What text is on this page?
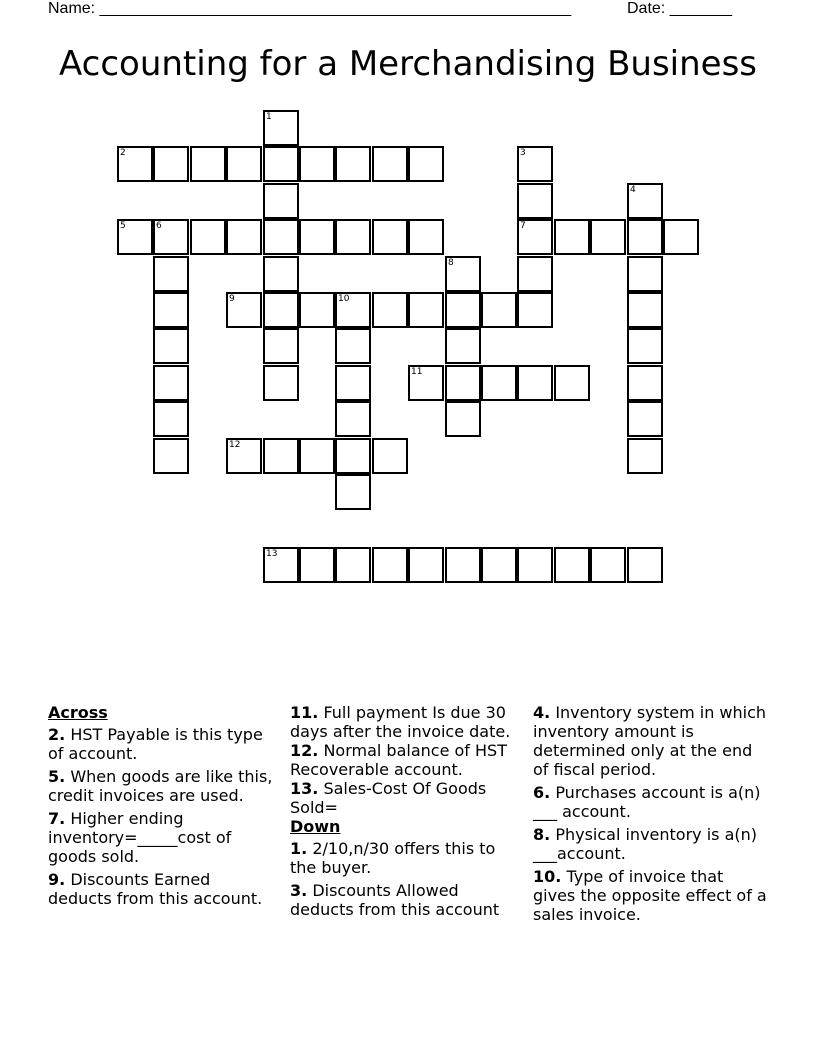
Name: _____________________________________________________	Date: _______
Accounting for a Merchandising Business
1
2	3
7
4
5	6
8
9	10
11
12
13
Across
2. HST Payable is this type of account.
5. When goods are like this, credit invoices are used.
7. Higher ending inventory=_____cost of goods sold.
9. Discounts Earned deducts from this account.
11. Full payment Is due 30 days after the invoice date.
12. Normal balance of HST Recoverable account.
13. Sales-Cost Of Goods Sold=
Down
1. 2/10,n/30 offers this to the buyer.
3. Discounts Allowed deducts from this account
4. Inventory system in which inventory amount is determined only at the end of fiscal period.
6. Purchases account is a(n) ___ account.
8. Physical inventory is a(n) ___account.
10. Type of invoice that gives the opposite effect of a sales invoice.
